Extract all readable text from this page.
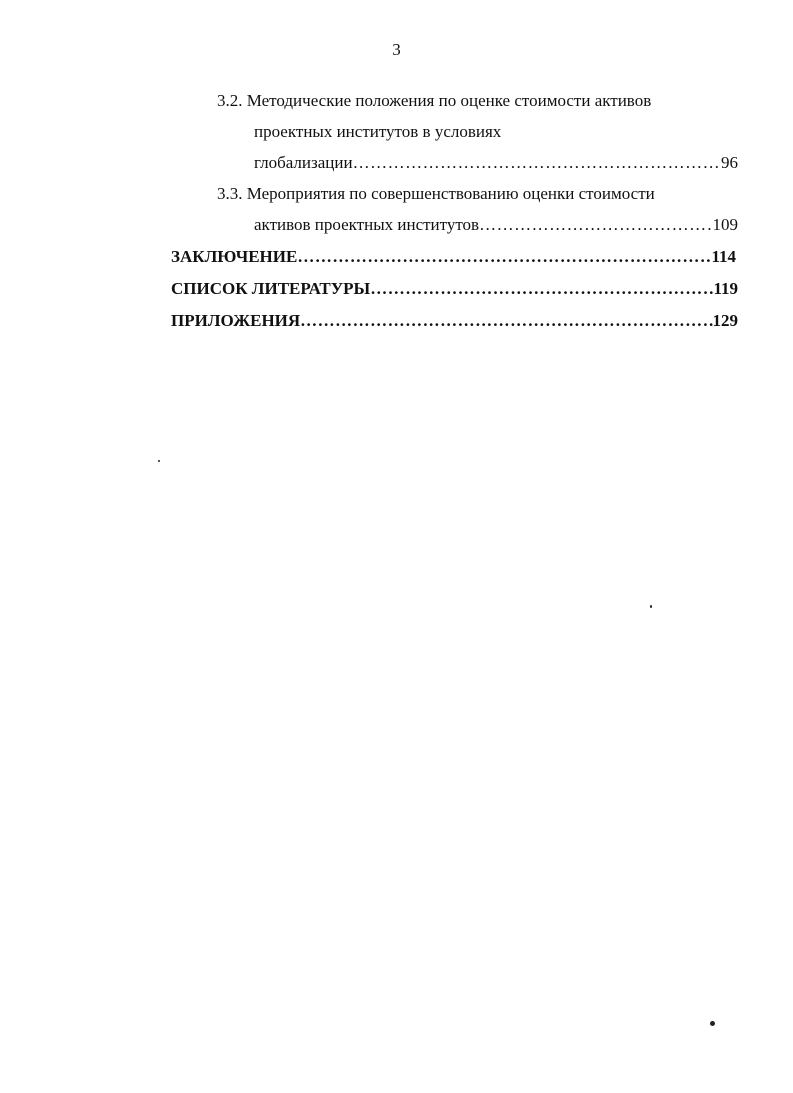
3
3.2. Методические положения по оценке стоимости активов
проектных институтов в условиях
глобализации ……………………………………………………………………………………………………………………………………………………	96
3.3. Мероприятия по совершенствованию оценки стоимости
активов проектных институтов ……………………………………………………………………………………………………………………………………………………	109
ЗАКЛЮЧЕНИЕ ……………………………………………………………………………………………………………………………………………………	114
СПИСОК ЛИТЕРАТУРЫ ……………………………………………………………………………………………………………………………………………………	119
ПРИЛОЖЕНИЯ ……………………………………………………………………………………………………………………………………………………	129
